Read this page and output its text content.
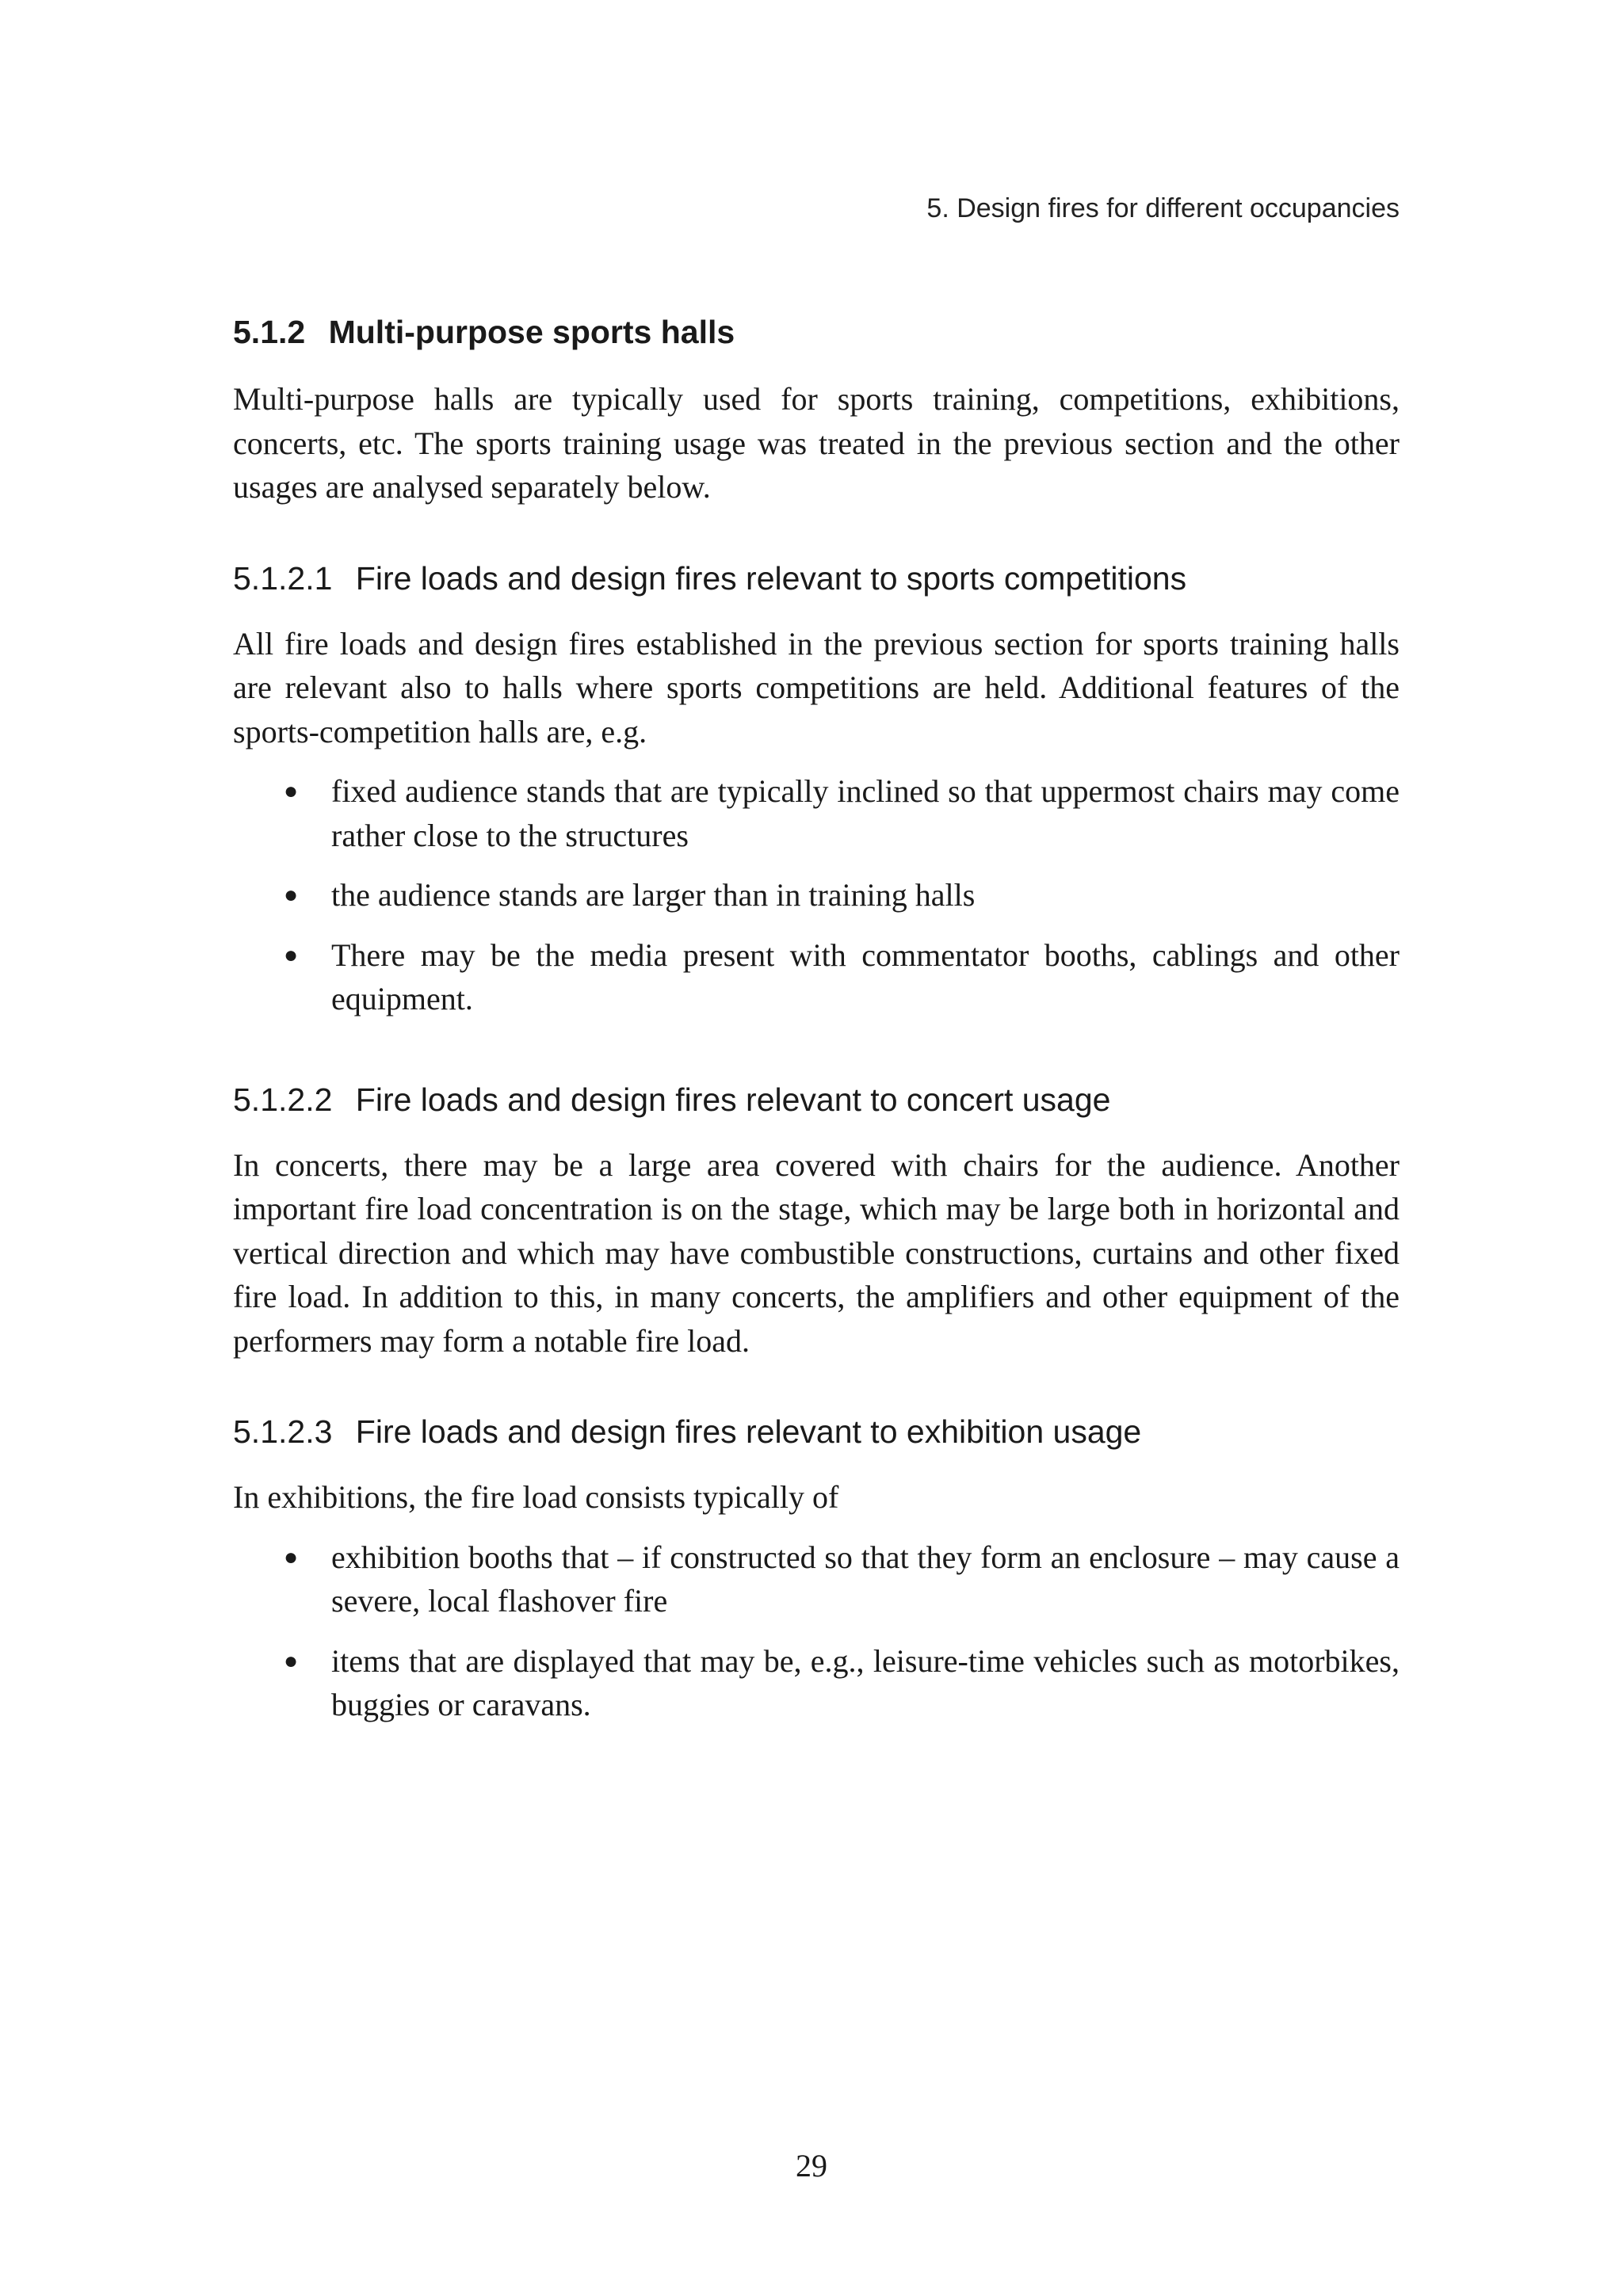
5. Design fires for different occupancies
5.1.2 Multi-purpose sports halls

Multi-purpose halls are typically used for sports training, competitions, exhibitions, concerts, etc. The sports training usage was treated in the previous section and the other usages are analysed separately below.

5.1.2.1 Fire loads and design fires relevant to sports competitions

All fire loads and design fires established in the previous section for sports training halls are relevant also to halls where sports competitions are held. Additional features of the sports-competition halls are, e.g.

● fixed audience stands that are typically inclined so that uppermost chairs may come rather close to the structures
● the audience stands are larger than in training halls
● There may be the media present with commentator booths, cablings and other equipment.
5.1.2.2 Fire loads and design fires relevant to concert usage

In concerts, there may be a large area covered with chairs for the audience. Another important fire load concentration is on the stage, which may be large both in horizontal and vertical direction and which may have combustible constructions, curtains and other fixed fire load. In addition to this, in many concerts, the amplifiers and other equipment of the performers may form a notable fire load.

5.1.2.3 Fire loads and design fires relevant to exhibition usage

In exhibitions, the fire load consists typically of

● exhibition booths that – if constructed so that they form an enclosure – may cause a severe, local flashover fire
● items that are displayed that may be, e.g., leisure-time vehicles such as motorbikes, buggies or caravans.
29
